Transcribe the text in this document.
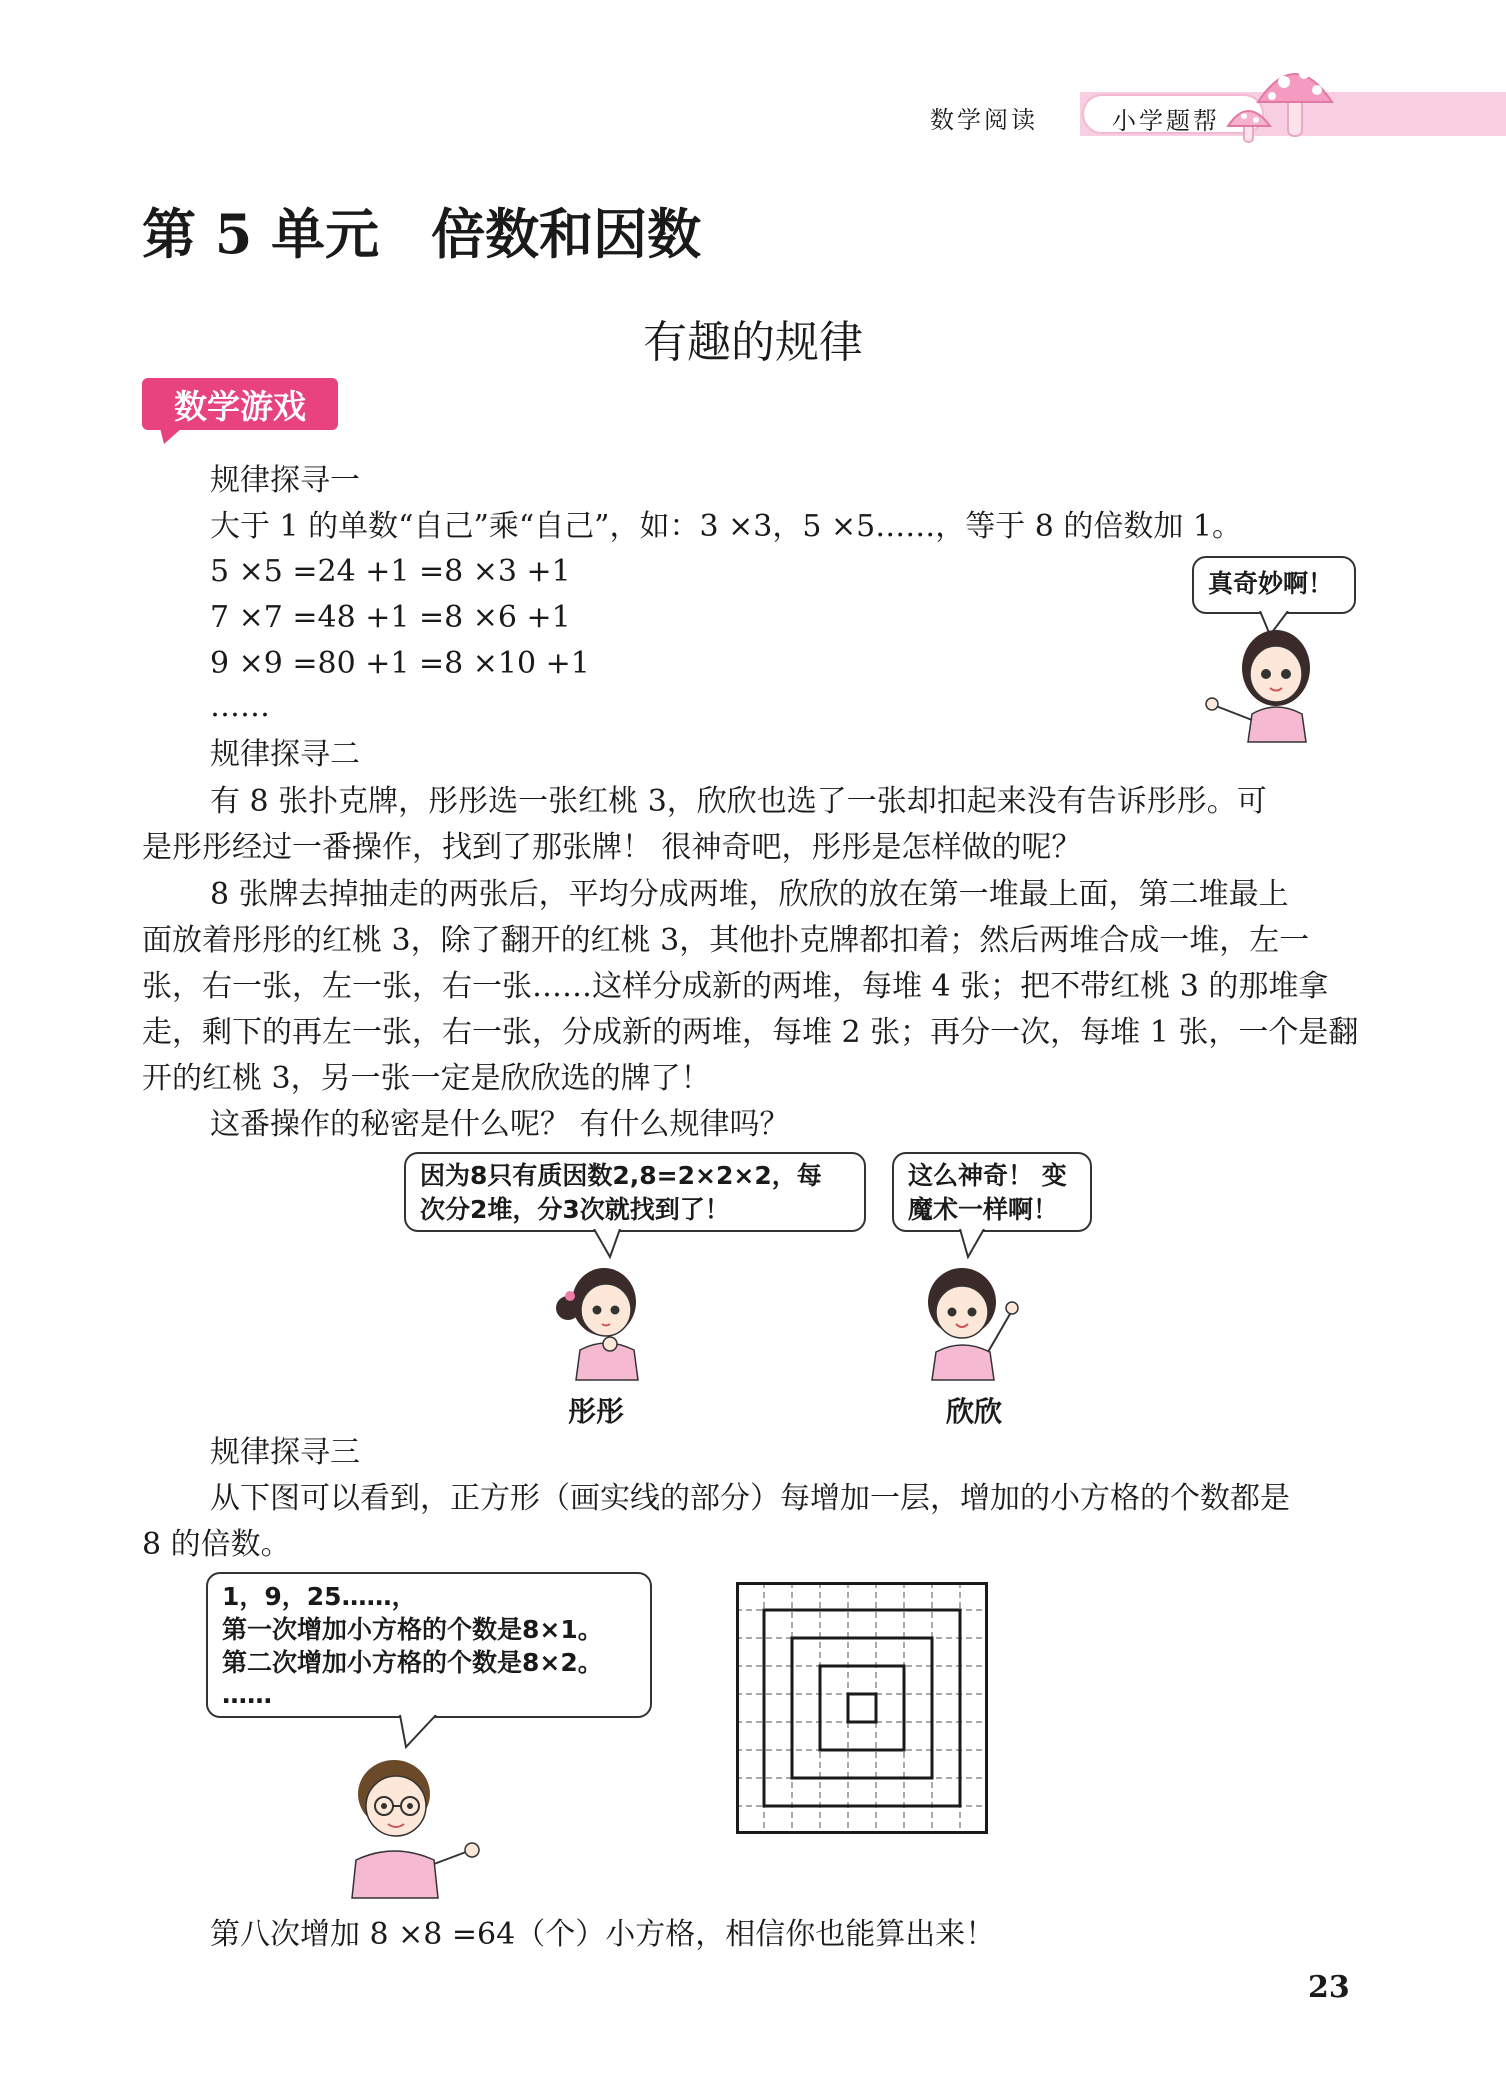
数学阅读	小学题帮
第 5 单元 倍数和因数
有趣的规律
数学游戏
规律探寻一
大于 1 的单数“自己”乘“自己”，如：3 ×3，5 ×5……，等于 8 的倍数加 1。
5 ×5 =24 +1 =8 ×3 +1
7 ×7 =48 +1 =8 ×6 +1
9 ×9 =80 +1 =8 ×10 +1
……
真奇妙啊！
规律探寻二
有 8 张扑克牌，彤彤选一张红桃 3，欣欣也选了一张却扣起来没有告诉彤彤。可
是彤彤经过一番操作，找到了那张牌！ 很神奇吧，彤彤是怎样做的呢？
8 张牌去掉抽走的两张后，平均分成两堆，欣欣的放在第一堆最上面，第二堆最上
面放着彤彤的红桃 3，除了翻开的红桃 3，其他扑克牌都扣着；然后两堆合成一堆，左一
张，右一张，左一张，右一张……这样分成新的两堆，每堆 4 张；把不带红桃 3 的那堆拿
走，剩下的再左一张，右一张，分成新的两堆，每堆 2 张；再分一次，每堆 1 张，一个是翻
开的红桃 3，另一张一定是欣欣选的牌了！
这番操作的秘密是什么呢？ 有什么规律吗？
因为8只有质因数2,8=2×2×2，每
次分2堆，分3次就找到了！
这么神奇！ 变
魔术一样啊！
彤彤	欣欣
规律探寻三
从下图可以看到，正方形（画实线的部分）每增加一层，增加的小方格的个数都是
8 的倍数。
1，9，25……，
第一次增加小方格的个数是8×1。
第二次增加小方格的个数是8×2。
……
第八次增加 8 ×8 =64（个）小方格，相信你也能算出来！
23
